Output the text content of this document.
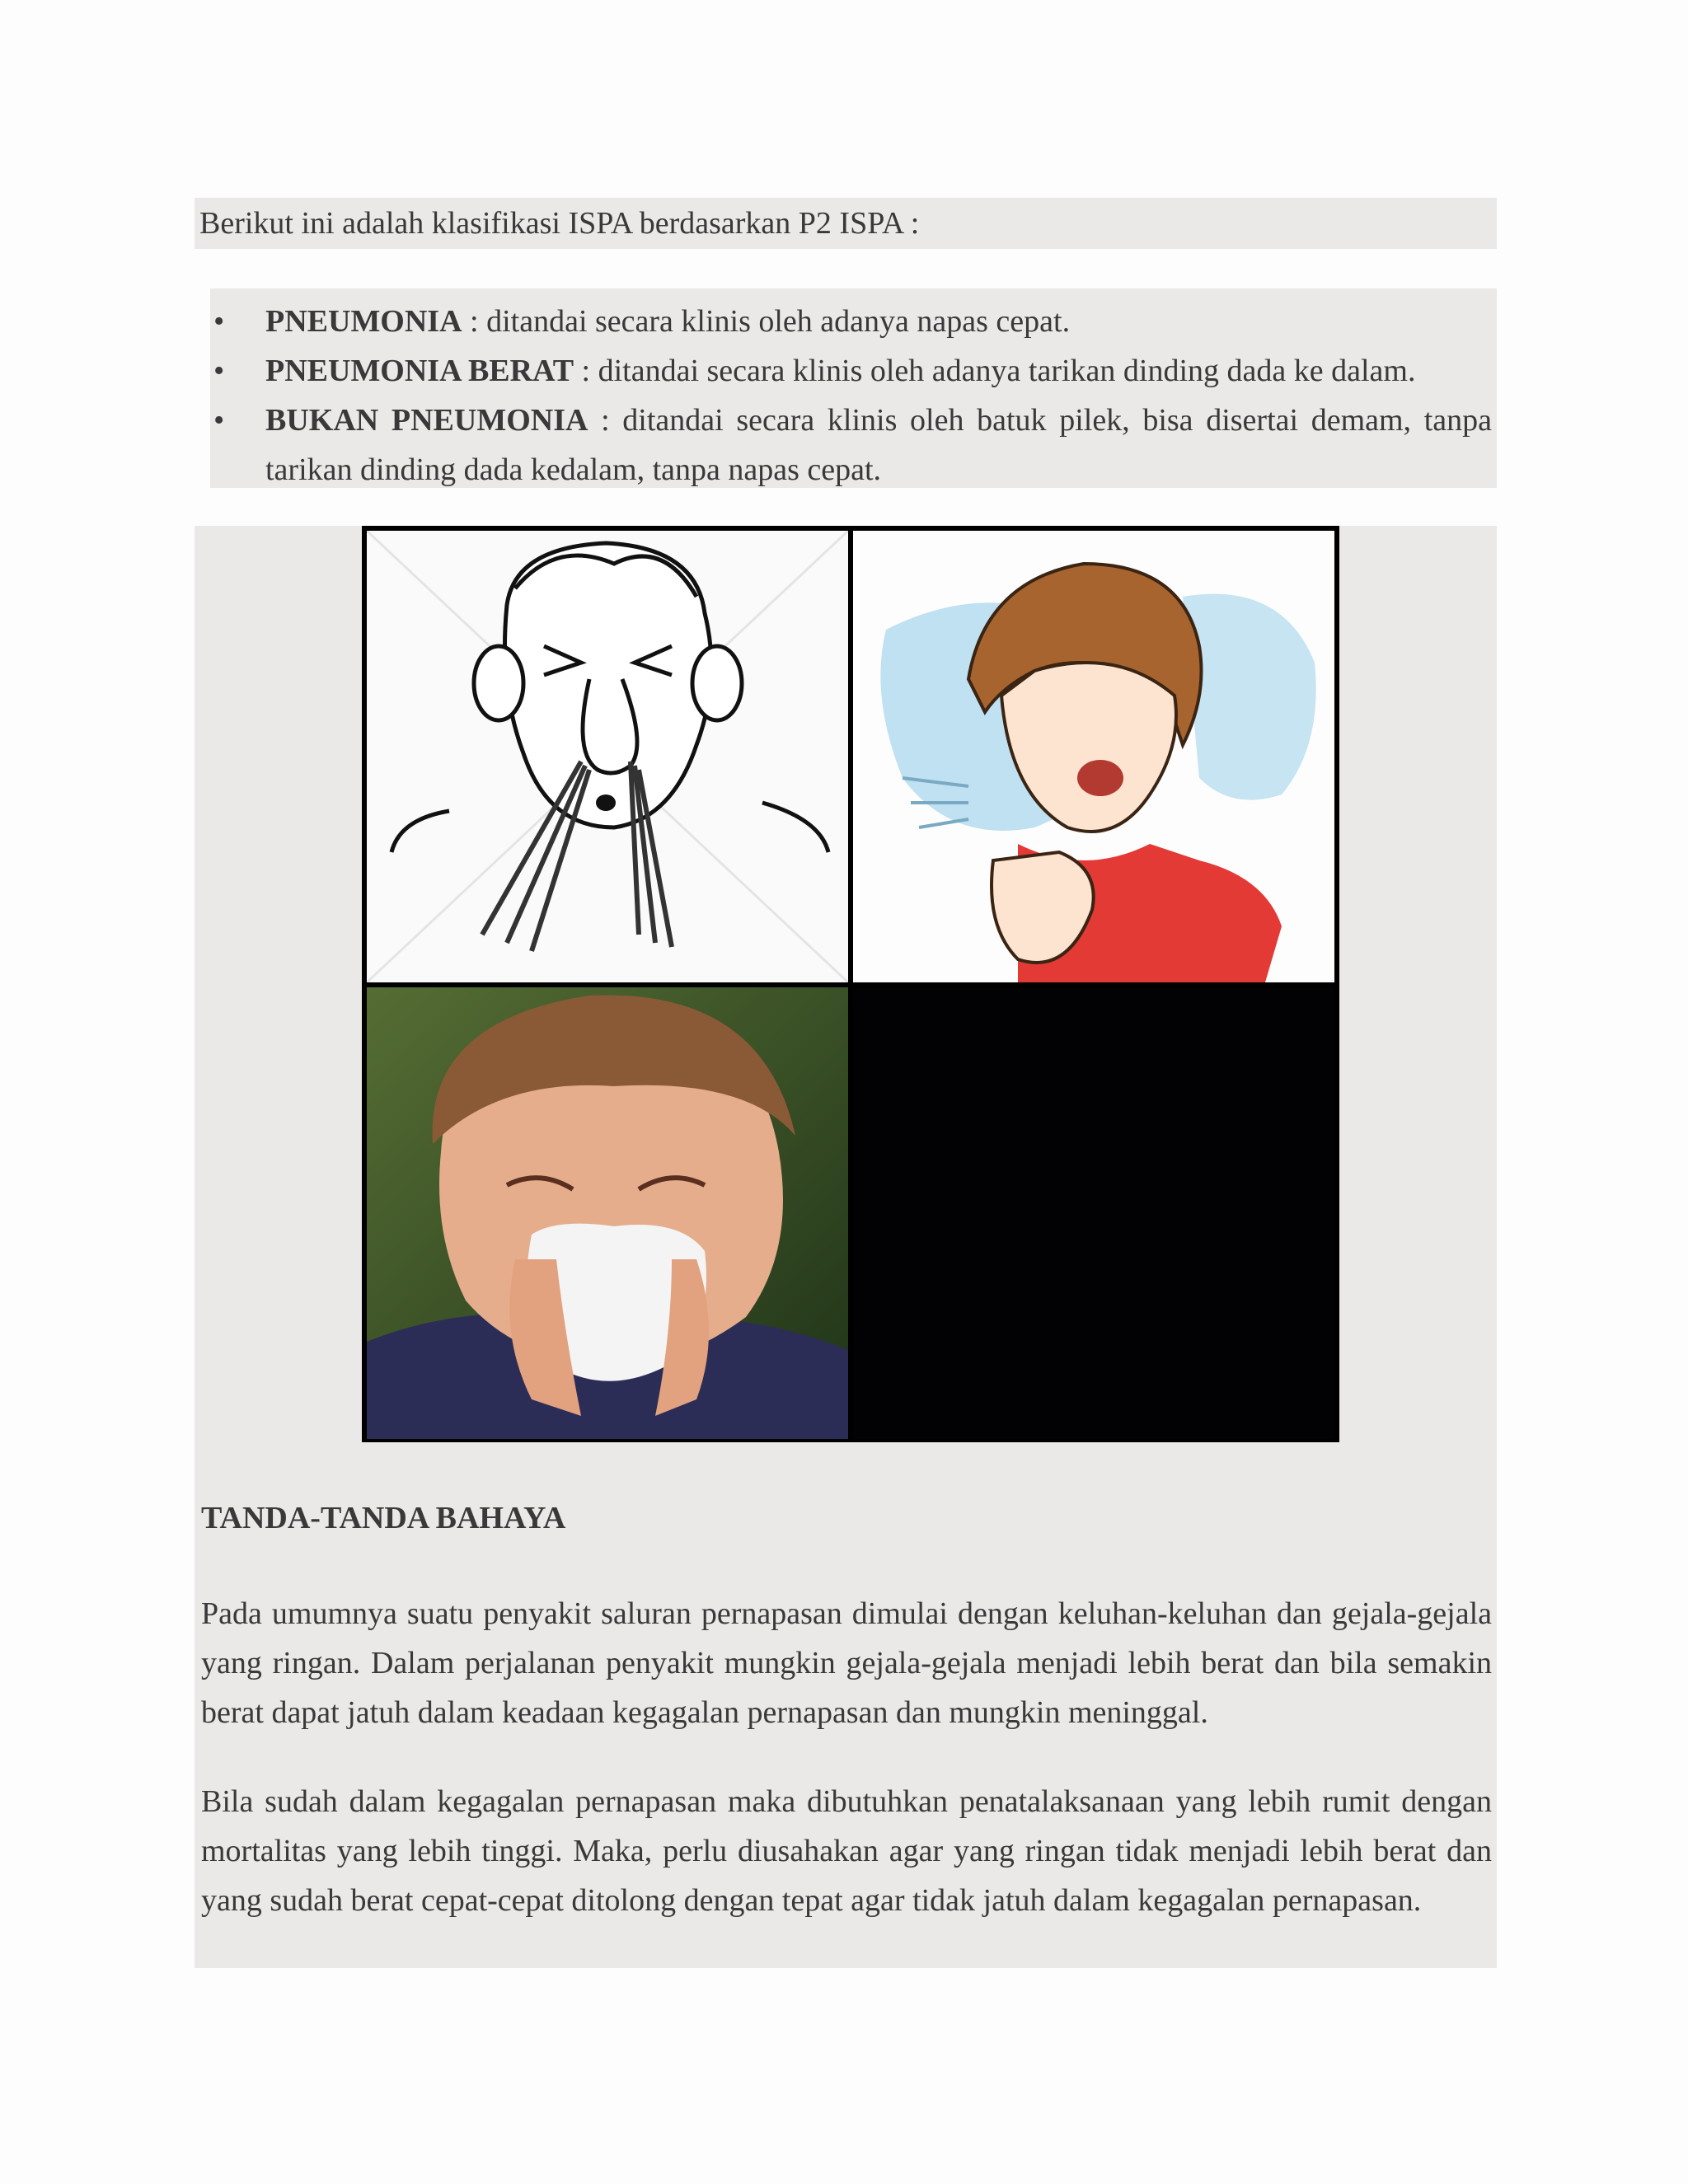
Berikut ini adalah klasifikasi ISPA berdasarkan P2 ISPA :
• PNEUMONIA : ditandai secara klinis oleh adanya napas cepat.
• PNEUMONIA BERAT : ditandai secara klinis oleh adanya tarikan dinding dada ke dalam.
• BUKAN PNEUMONIA : ditandai secara klinis oleh batuk pilek, bisa disertai demam, tanpa tarikan dinding dada kedalam, tanpa napas cepat.
TANDA-TANDA BAHAYA
Pada umumnya suatu penyakit saluran pernapasan dimulai dengan keluhan-keluhan dan gejala-gejala yang ringan. Dalam perjalanan penyakit mungkin gejala-gejala menjadi lebih berat dan bila semakin berat dapat jatuh dalam keadaan kegagalan pernapasan dan mungkin meninggal.
Bila sudah dalam kegagalan pernapasan maka dibutuhkan penatalaksanaan yang lebih rumit dengan mortalitas yang lebih tinggi. Maka, perlu diusahakan agar yang ringan tidak menjadi lebih berat dan yang sudah berat cepat-cepat ditolong dengan tepat agar tidak jatuh dalam kegagalan pernapasan.
